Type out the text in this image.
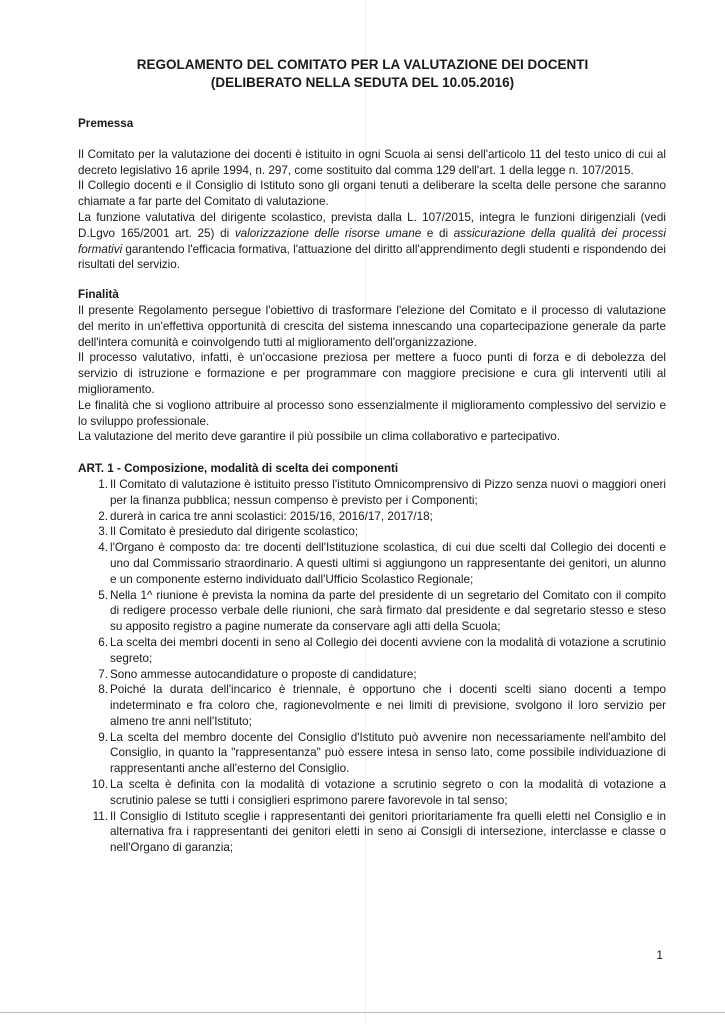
REGOLAMENTO DEL COMITATO PER LA VALUTAZIONE DEI DOCENTI
(DELIBERATO NELLA SEDUTA DEL 10.05.2016)

Premessa

Il Comitato per la valutazione dei docenti è istituito in ogni Scuola ai sensi dell'articolo 11 del testo unico di cui al decreto legislativo 16 aprile 1994, n. 297, come sostituito dal comma 129 dell'art. 1 della legge n. 107/2015.

Il Collegio docenti e il Consiglio di Istituto sono gli organi tenuti a deliberare la scelta delle persone che saranno chiamate a far parte del Comitato di valutazione.

La funzione valutativa del dirigente scolastico, prevista dalla L. 107/2015, integra le funzioni dirigenziali (vedi D.Lgvo 165/2001 art. 25) di valorizzazione delle risorse umane e di assicurazione della qualità dei processi formativi garantendo l'efficacia formativa, l'attuazione del diritto all'apprendimento degli studenti e rispondendo dei risultati del servizio.

Finalità

Il presente Regolamento persegue l'obiettivo di trasformare l'elezione del Comitato e il processo di valutazione del merito in un'effettiva opportunità di crescita del sistema innescando una copartecipazione generale da parte dell'intera comunità e coinvolgendo tutti al miglioramento dell'organizzazione.

Il processo valutativo, infatti, è un'occasione preziosa per mettere a fuoco punti di forza e di debolezza del servizio di istruzione e formazione e per programmare con maggiore precisione e cura gli interventi utili al miglioramento.

Le finalità che si vogliono attribuire al processo sono essenzialmente il miglioramento complessivo del servizio e lo sviluppo professionale.

La valutazione del merito deve garantire il più possibile un clima collaborativo e partecipativo.

ART. 1 - Composizione, modalità di scelta dei componenti

1. Il Comitato di valutazione è istituito presso l'istituto Omnicomprensivo di Pizzo senza nuovi o maggiori oneri per la finanza pubblica; nessun compenso è previsto per i Componenti;
2. durerà in carica tre anni scolastici: 2015/16, 2016/17, 2017/18;
3. Il Comitato è presieduto dal dirigente scolastico;
4. l'Organo è composto da: tre docenti dell'Istituzione scolastica, di cui due scelti dal Collegio dei docenti e uno dal Commissario straordinario. A questi ultimi si aggiungono un rappresentante dei genitori, un alunno e un componente esterno individuato dall'Ufficio Scolastico Regionale;
5. Nella 1^ riunione è prevista la nomina da parte del presidente di un segretario del Comitato con il compito di redigere processo verbale delle riunioni, che sarà firmato dal presidente e dal segretario stesso e steso su apposito registro a pagine numerate da conservare agli atti della Scuola;
6. La scelta dei membri docenti in seno al Collegio dei docenti avviene con la modalità di votazione a scrutinio segreto;
7. Sono ammesse autocandidature o proposte di candidature;
8. Poiché la durata dell'incarico è triennale, è opportuno che i docenti scelti siano docenti a tempo indeterminato e fra coloro che, ragionevolmente e nei limiti di previsione, svolgono il loro servizio per almeno tre anni nell'Istituto;
9. La scelta del membro docente del Consiglio d'Istituto può avvenire non necessariamente nell'ambito del Consiglio, in quanto la "rappresentanza" può essere intesa in senso lato, come possibile individuazione di rappresentanti anche all'esterno del Consiglio.
10. La scelta è definita con la modalità di votazione a scrutinio segreto o con la modalità di votazione a scrutinio palese se tutti i consiglieri esprimono parere favorevole in tal senso;
11. Il Consiglio di Istituto sceglie i rappresentanti dei genitori prioritariamente fra quelli eletti nel Consiglio e in alternativa fra i rappresentanti dei genitori eletti in seno ai Consigli di intersezione, interclasse e classe o nell'Organo di garanzia;
1
